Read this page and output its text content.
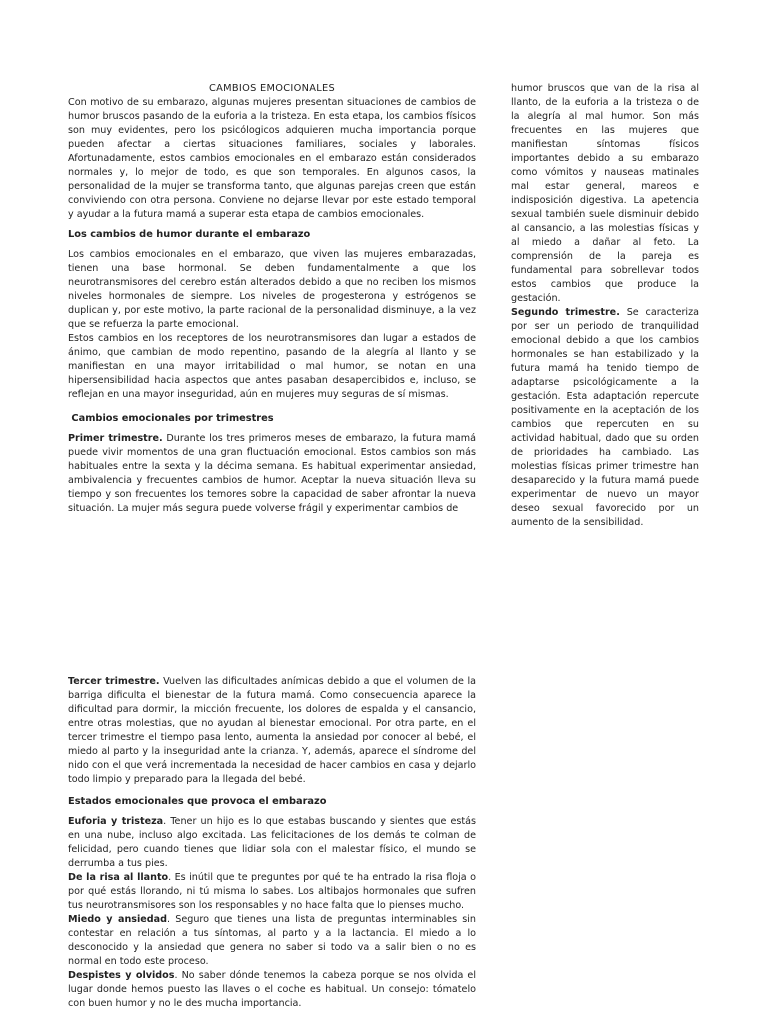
CAMBIOS EMOCIONALES

Con motivo de su embarazo, algunas mujeres presentan situaciones de cambios de humor bruscos pasando de la euforia a la tristeza. En esta etapa, los cambios físicos son muy evidentes, pero los psicólogicos adquieren mucha importancia porque pueden afectar a ciertas situaciones familiares, sociales y laborales. Afortunadamente, estos cambios emocionales en el embarazo están considerados normales y, lo mejor de todo, es que son temporales. En algunos casos, la personalidad de la mujer se transforma tanto, que algunas parejas creen que están conviviendo con otra persona. Conviene no dejarse llevar por este estado temporal y ayudar a la futura mamá a superar esta etapa de cambios emocionales.

Los cambios de humor durante el embarazo

Los cambios emocionales en el embarazo, que viven las mujeres embarazadas, tienen una base hormonal. Se deben fundamentalmente a que los neurotransmisores del cerebro están alterados debido a que no reciben los mismos niveles hormonales de siempre. Los niveles de progesterona y estrógenos se duplican y, por este motivo, la parte racional de la personalidad disminuye, a la vez que se refuerza la parte emocional.

Estos cambios en los receptores de los neurotransmisores dan lugar a estados de ánimo, que cambian de modo repentino, pasando de la alegría al llanto y se manifiestan en una mayor irritabilidad o mal humor, se notan en una hipersensibilidad hacia aspectos que antes pasaban desapercibidos e, incluso, se reflejan en una mayor inseguridad, aún en mujeres muy seguras de sí mismas.

Cambios emocionales por trimestres

Primer trimestre. Durante los tres primeros meses de embarazo, la futura mamá puede vivir momentos de una gran fluctuación emocional. Estos cambios son más habituales entre la sexta y la décima semana. Es habitual experimentar ansiedad, ambivalencia y frecuentes cambios de humor. Aceptar la nueva situación lleva su tiempo y son frecuentes los temores sobre la capacidad de saber afrontar la nueva situación. La mujer más segura puede volverse frágil y experimentar cambios de

humor bruscos que van de la risa al llanto, de la euforia a la tristeza o de la alegría al mal humor. Son más frecuentes en las mujeres que manifiestan síntomas físicos importantes debido a su embarazo como vómitos y nauseas matinales mal estar general, mareos e indisposición digestiva. La apetencia sexual también suele disminuir debido al cansancio, a las molestias físicas y al miedo a dañar al feto. La comprensión de la pareja es fundamental para sobrellevar todos estos cambios que produce la gestación.

Segundo trimestre. Se caracteriza por ser un periodo de tranquilidad emocional debido a que los cambios hormonales se han estabilizado y la futura mamá ha tenido tiempo de adaptarse psicológicamente a la gestación. Esta adaptación repercute positivamente en la aceptación de los cambios que repercuten en su actividad habitual, dado que su orden de prioridades ha cambiado. Las molestias físicas primer trimestre han desaparecido y la futura mamá puede experimentar de nuevo un mayor deseo sexual favorecido por un aumento de la sensibilidad.

Tercer trimestre. Vuelven las dificultades anímicas debido a que el volumen de la barriga dificulta el bienestar de la futura mamá. Como consecuencia aparece la dificultad para dormir, la micción frecuente, los dolores de espalda y el cansancio, entre otras molestias, que no ayudan al bienestar emocional. Por otra parte, en el tercer trimestre el tiempo pasa lento, aumenta la ansiedad por conocer al bebé, el miedo al parto y la inseguridad ante la crianza. Y, además, aparece el síndrome del nido con el que verá incrementada la necesidad de hacer cambios en casa y dejarlo todo limpio y preparado para la llegada del bebé.

Estados emocionales que provoca el embarazo

Euforia y tristeza. Tener un hijo es lo que estabas buscando y sientes que estás en una nube, incluso algo excitada. Las felicitaciones de los demás te colman de felicidad, pero cuando tienes que lidiar sola con el malestar físico, el mundo se derrumba a tus pies.

De la risa al llanto. Es inútil que te preguntes por qué te ha entrado la risa floja o por qué estás llorando, ni tú misma lo sabes. Los altibajos hormonales que sufren tus neurotransmisores son los responsables y no hace falta que lo pienses mucho.

Miedo y ansiedad. Seguro que tienes una lista de preguntas interminables sin contestar en relación a tus síntomas, al parto y a la lactancia. El miedo a lo desconocido y la ansiedad que genera no saber si todo va a salir bien o no es normal en todo este proceso.

Despistes y olvidos. No saber dónde tenemos la cabeza porque se nos olvida el lugar donde hemos puesto las llaves o el coche es habitual. Un consejo: tómatelo con buen humor y no le des mucha importancia.
